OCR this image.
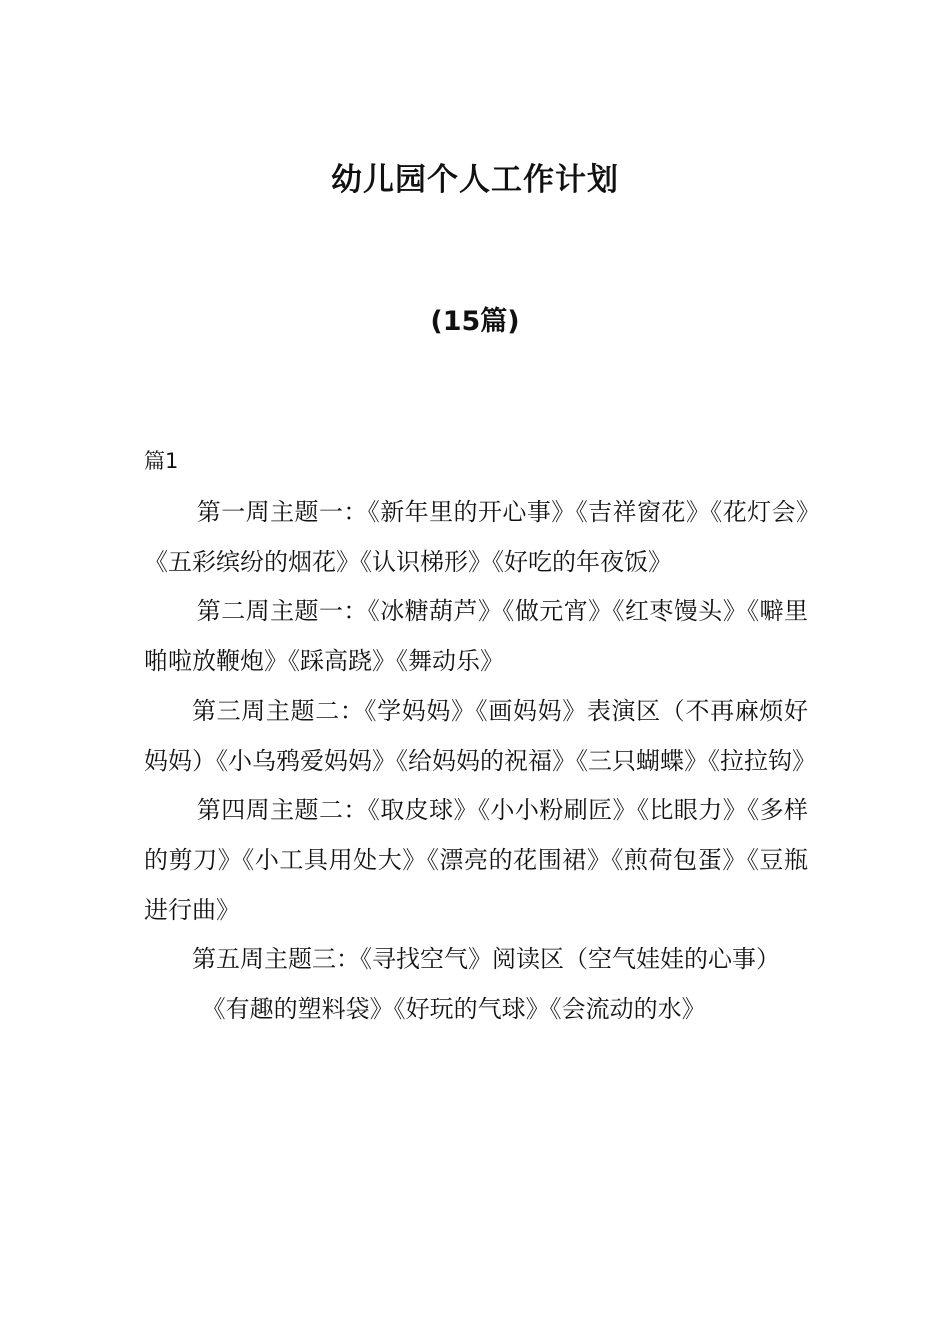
幼儿园个人工作计划
(15篇)
篇1

第一周主题一：《新年里的开心事》《吉祥窗花》《花灯会》《五彩缤纷的烟花》《认识梯形》《好吃的年夜饭》

第二周主题一：《冰糖葫芦》《做元宵》《红枣馒头》《噼里啪啦放鞭炮》《踩高跷》《舞动乐》

第三周主题二：《学妈妈》《画妈妈》表演区（不再麻烦好妈妈）《小乌鸦爱妈妈》《给妈妈的祝福》《三只蝴蝶》《拉拉钩》

第四周主题二：《取皮球》《小小粉刷匠》《比眼力》《多样的剪刀》《小工具用处大》《漂亮的花围裙》《煎荷包蛋》《豆瓶进行曲》

第五周主题三：《寻找空气》阅读区（空气娃娃的心事）

《有趣的塑料袋》《好玩的气球》《会流动的水》
